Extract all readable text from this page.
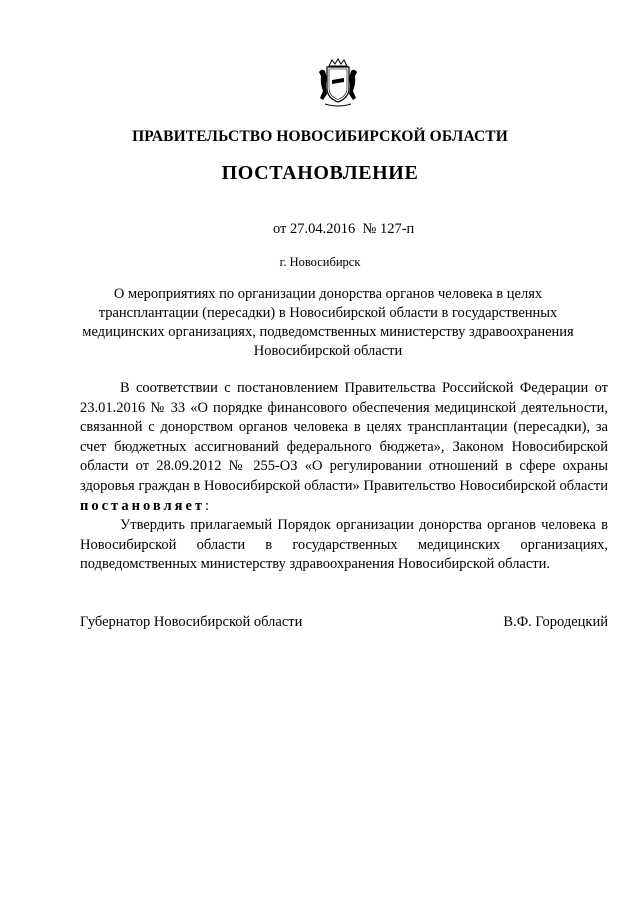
ПРАВИТЕЛЬСТВО НОВОСИБИРСКОЙ ОБЛАСТИ
ПОСТАНОВЛЕНИЕ
от 27.04.2016  № 127-п
г. Новосибирск
О мероприятиях по организации донорства органов человека в целях трансплантации (пересадки) в Новосибирской области в государственных медицинских организациях, подведомственных министерству здравоохранения Новосибирской области

В соответствии с постановлением Правительства Российской Федерации от 23.01.2016 № 33 «О порядке финансового обеспечения медицинской деятельности, связанной с донорством органов человека в целях трансплантации (пересадки), за счет бюджетных ассигнований федерального бюджета», Законом Новосибирской области от 28.09.2012 № 255-ОЗ «О регулировании отношений в сфере охраны здоровья граждан в Новосибирской области» Правительство Новосибирской области постановляет:

Утвердить прилагаемый Порядок организации донорства органов человека в Новосибирской области в государственных медицинских организациях, подведомственных министерству здравоохранения Новосибирской области.

Губернатор Новосибирской области	В.Ф. Городецкий
